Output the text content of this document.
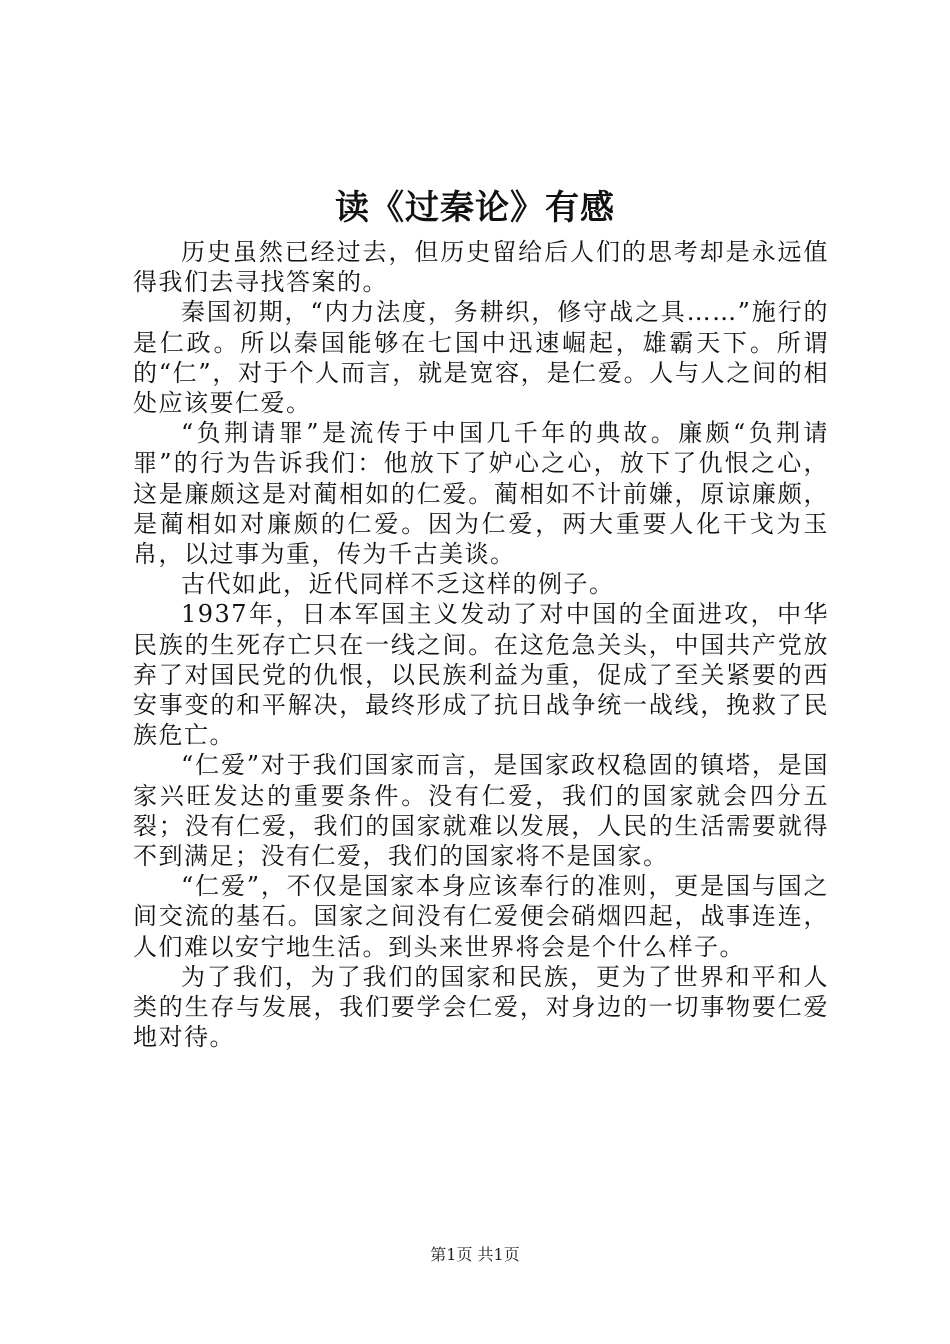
读《过秦论》有感

历史虽然已经过去，但历史留给后人们的思考却是永远值得我们去寻找答案的。

秦国初期，“内力法度，务耕织，修守战之具……”施行的是仁政。所以秦国能够在七国中迅速崛起，雄霸天下。所谓的“仁”，对于个人而言，就是宽容，是仁爱。人与人之间的相处应该要仁爱。

“负荆请罪”是流传于中国几千年的典故。廉颇“负荆请罪”的行为告诉我们：他放下了妒心之心，放下了仇恨之心，这是廉颇这是对蔺相如的仁爱。蔺相如不计前嫌，原谅廉颇，是蔺相如对廉颇的仁爱。因为仁爱，两大重要人化干戈为玉帛，以过事为重，传为千古美谈。

古代如此，近代同样不乏这样的例子。

1937年，日本军国主义发动了对中国的全面进攻，中华民族的生死存亡只在一线之间。在这危急关头，中国共产党放弃了对国民党的仇恨，以民族利益为重，促成了至关紧要的西安事变的和平解决，最终形成了抗日战争统一战线，挽救了民族危亡。

“仁爱”对于我们国家而言，是国家政权稳固的镇塔，是国家兴旺发达的重要条件。没有仁爱，我们的国家就会四分五裂；没有仁爱，我们的国家就难以发展，人民的生活需要就得不到满足；没有仁爱，我们的国家将不是国家。

“仁爱”，不仅是国家本身应该奉行的准则，更是国与国之间交流的基石。国家之间没有仁爱便会硝烟四起，战事连连，人们难以安宁地生活。到头来世界将会是个什么样子。

为了我们，为了我们的国家和民族，更为了世界和平和人类的生存与发展，我们要学会仁爱，对身边的一切事物要仁爱地对待。

第1页 共1页
